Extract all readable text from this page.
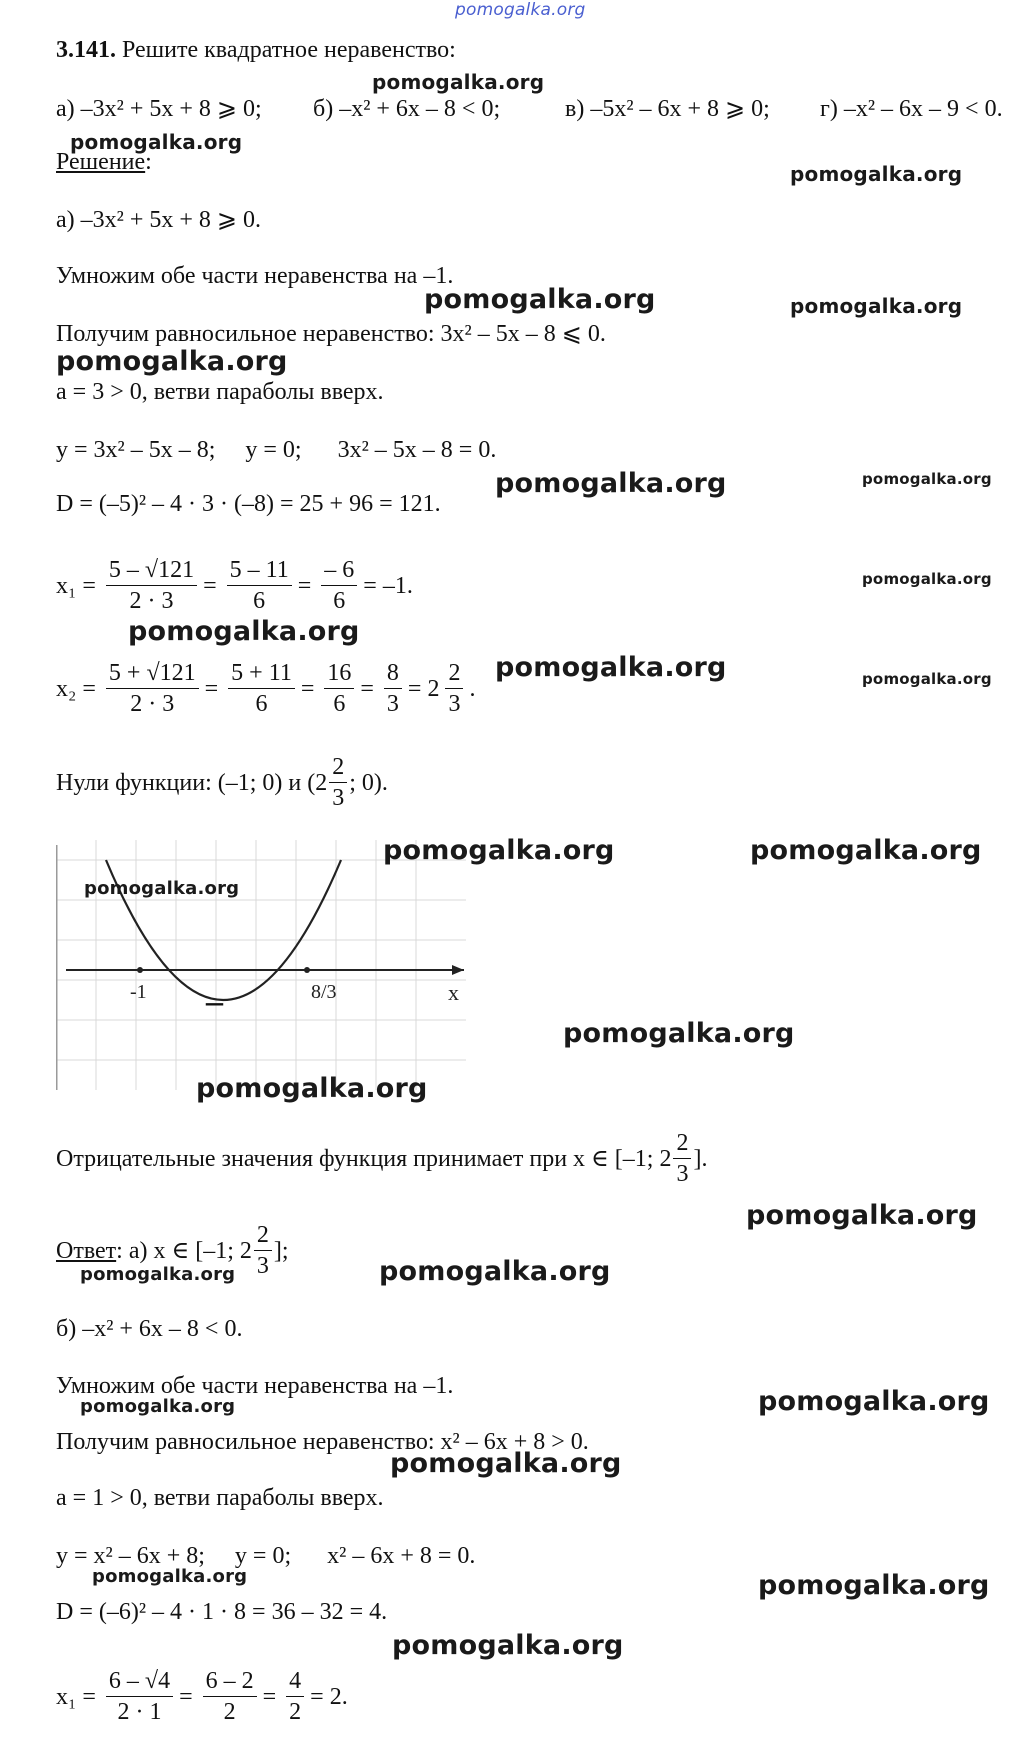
pomogalka.org
3.141. Решите квадратное неравенство:
pomogalka.org
а) –3x² + 5x + 8 ⩾ 0; б) –x² + 6x – 8 < 0;	в) –5x² – 6x + 8 ⩾ 0; г) –x² – 6x – 9 < 0.
pomogalka.org
Решение:	pomogalka.org
а) –3x² + 5x + 8 ⩾ 0.
Умножим обе части неравенства на –1.
pomogalka.org	pomogalka.org
Получим равносильное неравенство: 3x² – 5x – 8 ⩽ 0.
pomogalka.org
a = 3 > 0, ветви параболы вверх.
y = 3x² – 5x – 8;     y = 0;      3x² – 5x – 8 = 0.
pomogalka.org	pomogalka.org
D = (–5)² – 4 · 3 · (–8) = 25 + 96 = 121.
$x_1 = \frac{5 - √121}{2 \cdot 3} = \frac{5 - 11}{6} = \frac{- 6}{6} = -1$.	pomogalka.org
pomogalka.org
$x_2 = \frac{5 + √121}{2 \cdot 3} = \frac{5 + 11}{6} = \frac{16}{6} = \frac{8}{3} = 2 \frac{2}{3}$ .
pomogalka.org	pomogalka.org
Нули функции: (–1; 0) и ($2 \frac{2}{3}$ ; 0).
-1	8/3	x
–
pomogalka.org
pomogalka.org	pomogalka.org
pomogalka.org
pomogalka.org
Отрицательные значения функция принимает при x ∈ [–1; $2 \frac{2}{3}$ ].
pomogalka.org
Ответ : а) x ∈ [–1; $2 \frac{2}{3}$ ];
pomogalka.org	pomogalka.org
б) –x² + 6x – 8 < 0.
Умножим обе части неравенства на –1.
pomogalka.org	pomogalka.org
Получим равносильное неравенство: x² – 6x + 8 > 0.
pomogalka.org
a = 1 > 0, ветви параболы вверх.
y = x² – 6x + 8;     y = 0;      x² – 6x + 8 = 0.
pomogalka.org	pomogalka.org
D = (–6)² – 4 · 1 · 8 = 36 – 32 = 4.
pomogalka.org
$x_1 = \frac{6 - √4}{2 \cdot 1} = \frac{6 - 2}{2} = \frac{4}{2} = 2$.
